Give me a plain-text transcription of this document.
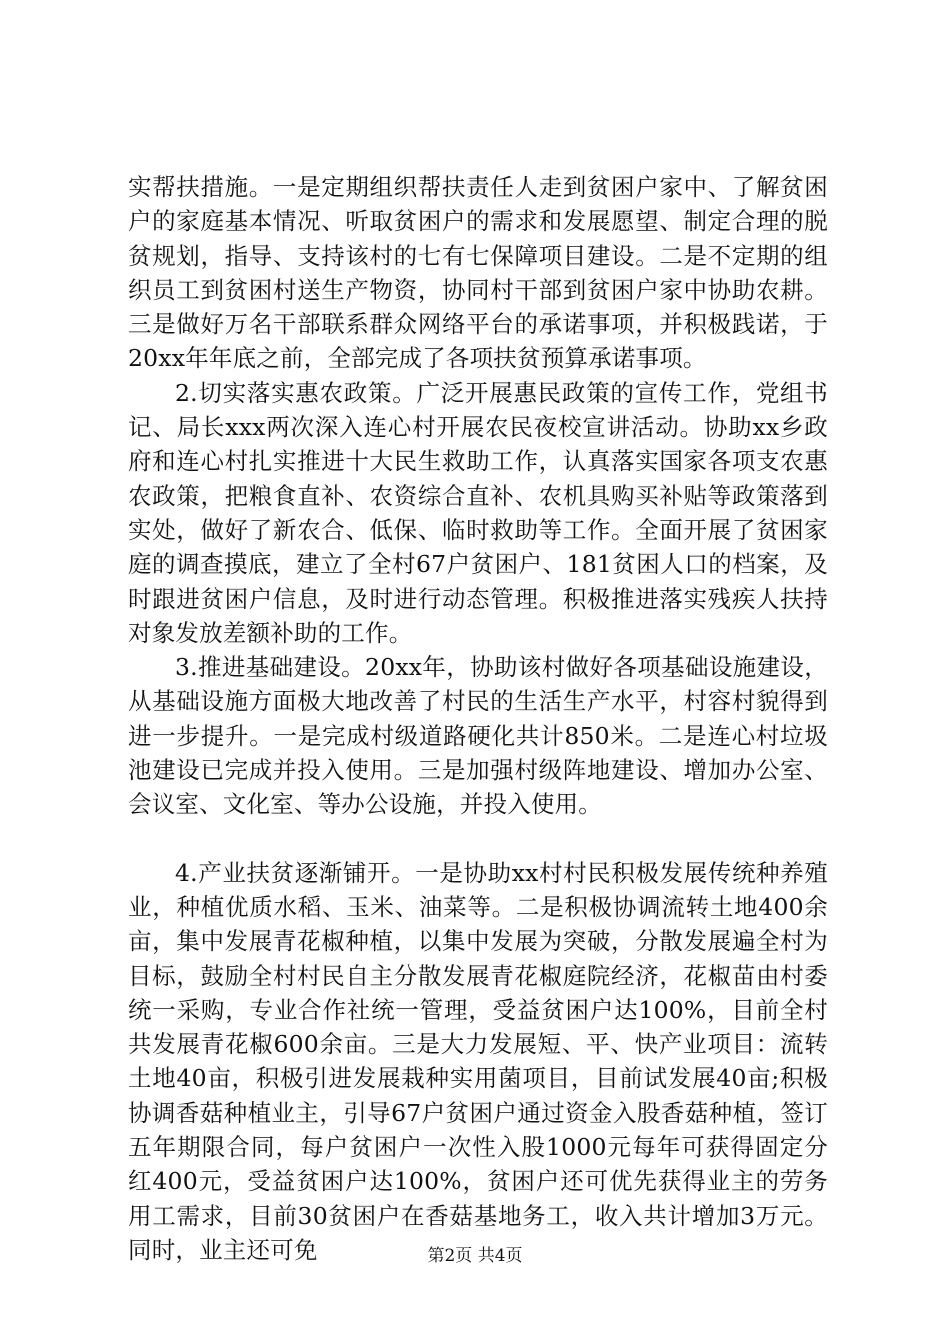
实帮扶措施。一是定期组织帮扶责任人走到贫困户家中、了解贫困户的家庭基本情况、听取贫困户的需求和发展愿望、制定合理的脱贫规划，指导、支持该村的七有七保障项目建设。二是不定期的组织员工到贫困村送生产物资，协同村干部到贫困户家中协助农耕。三是做好万名干部联系群众网络平台的承诺事项，并积极践诺，于20xx年年底之前，全部完成了各项扶贫预算承诺事项。

2.切实落实惠农政策。广泛开展惠民政策的宣传工作，党组书记、局长xxx两次深入连心村开展农民夜校宣讲活动。协助xx乡政府和连心村扎实推进十大民生救助工作，认真落实国家各项支农惠农政策，把粮食直补、农资综合直补、农机具购买补贴等政策落到实处，做好了新农合、低保、临时救助等工作。全面开展了贫困家庭的调查摸底，建立了全村67户贫困户、181贫困人口的档案，及时跟进贫困户信息，及时进行动态管理。积极推进落实残疾人扶持对象发放差额补助的工作。

3.推进基础建设。20xx年，协助该村做好各项基础设施建设，从基础设施方面极大地改善了村民的生活生产水平，村容村貌得到进一步提升。一是完成村级道路硬化共计850米。二是连心村垃圾池建设已完成并投入使用。三是加强村级阵地建设、增加办公室、会议室、文化室、等办公设施，并投入使用。

4.产业扶贫逐渐铺开。一是协助xx村村民积极发展传统种养殖业，种植优质水稻、玉米、油菜等。二是积极协调流转土地400余亩，集中发展青花椒种植，以集中发展为突破，分散发展遍全村为目标，鼓励全村村民自主分散发展青花椒庭院经济，花椒苗由村委统一采购，专业合作社统一管理，受益贫困户达100%，目前全村共发展青花椒600余亩。三是大力发展短、平、快产业项目：流转土地40亩，积极引进发展栽种实用菌项目，目前试发展40亩;积极协调香菇种植业主，引导67户贫困户通过资金入股香菇种植，签订五年期限合同，每户贫困户一次性入股1000元每年可获得固定分红400元，受益贫困户达100%，贫困户还可优先获得业主的劳务用工需求，目前30贫困户在香菇基地务工，收入共计增加3万元。同时，业主还可免	第2页 共4页
